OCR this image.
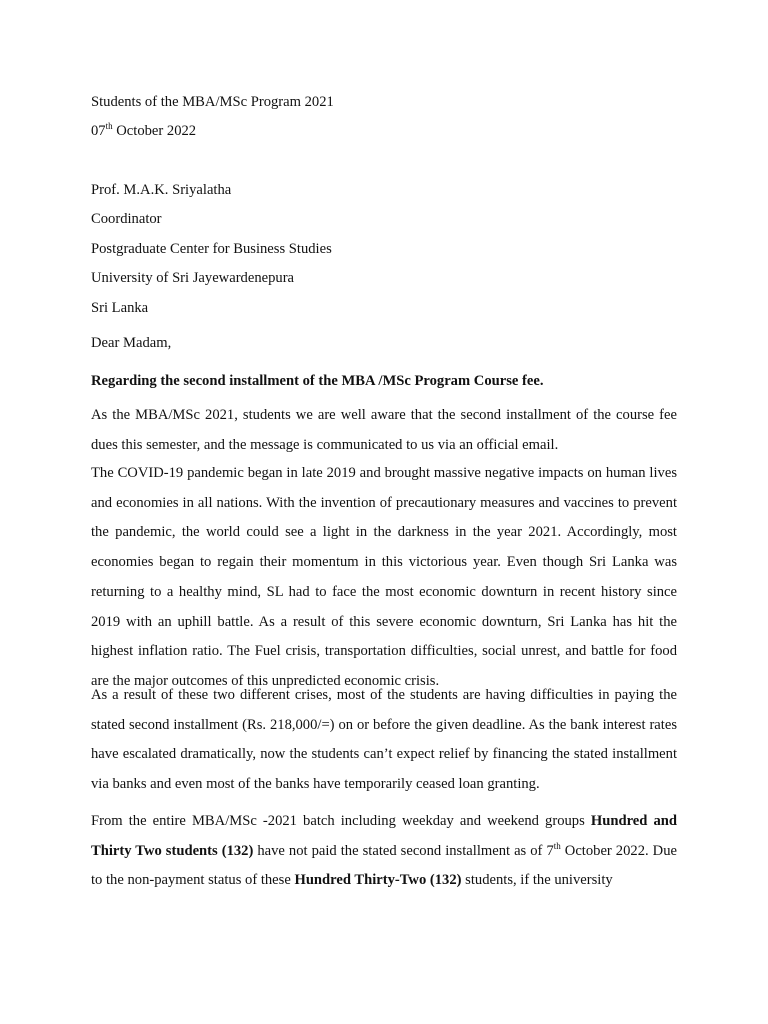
Students of the MBA/MSc Program 2021

07th October 2022

Prof. M.A.K. Sriyalatha

Coordinator

Postgraduate Center for Business Studies

University of Sri Jayewardenepura

Sri Lanka

Dear Madam,

Regarding the second installment of the MBA /MSc Program Course fee.

As the MBA/MSc 2021, students we are well aware that the second installment of the course fee dues this semester, and the message is communicated to us via an official email.

The COVID-19 pandemic began in late 2019 and brought massive negative impacts on human lives and economies in all nations. With the invention of precautionary measures and vaccines to prevent the pandemic, the world could see a light in the darkness in the year 2021. Accordingly, most economies began to regain their momentum in this victorious year. Even though Sri Lanka was returning to a healthy mind, SL had to face the most economic downturn in recent history since 2019 with an uphill battle. As a result of this severe economic downturn, Sri Lanka has hit the highest inflation ratio. The Fuel crisis, transportation difficulties, social unrest, and battle for food are the major outcomes of this unpredicted economic crisis.

As a result of these two different crises, most of the students are having difficulties in paying the stated second installment (Rs. 218,000/=) on or before the given deadline. As the bank interest rates have escalated dramatically, now the students can’t expect relief by financing the stated installment via banks and even most of the banks have temporarily ceased loan granting.

From the entire MBA/MSc -2021 batch including weekday and weekend groups Hundred and Thirty Two students (132) have not paid the stated second installment as of 7th October 2022. Due to the non-payment status of these Hundred Thirty-Two (132) students, if the university
